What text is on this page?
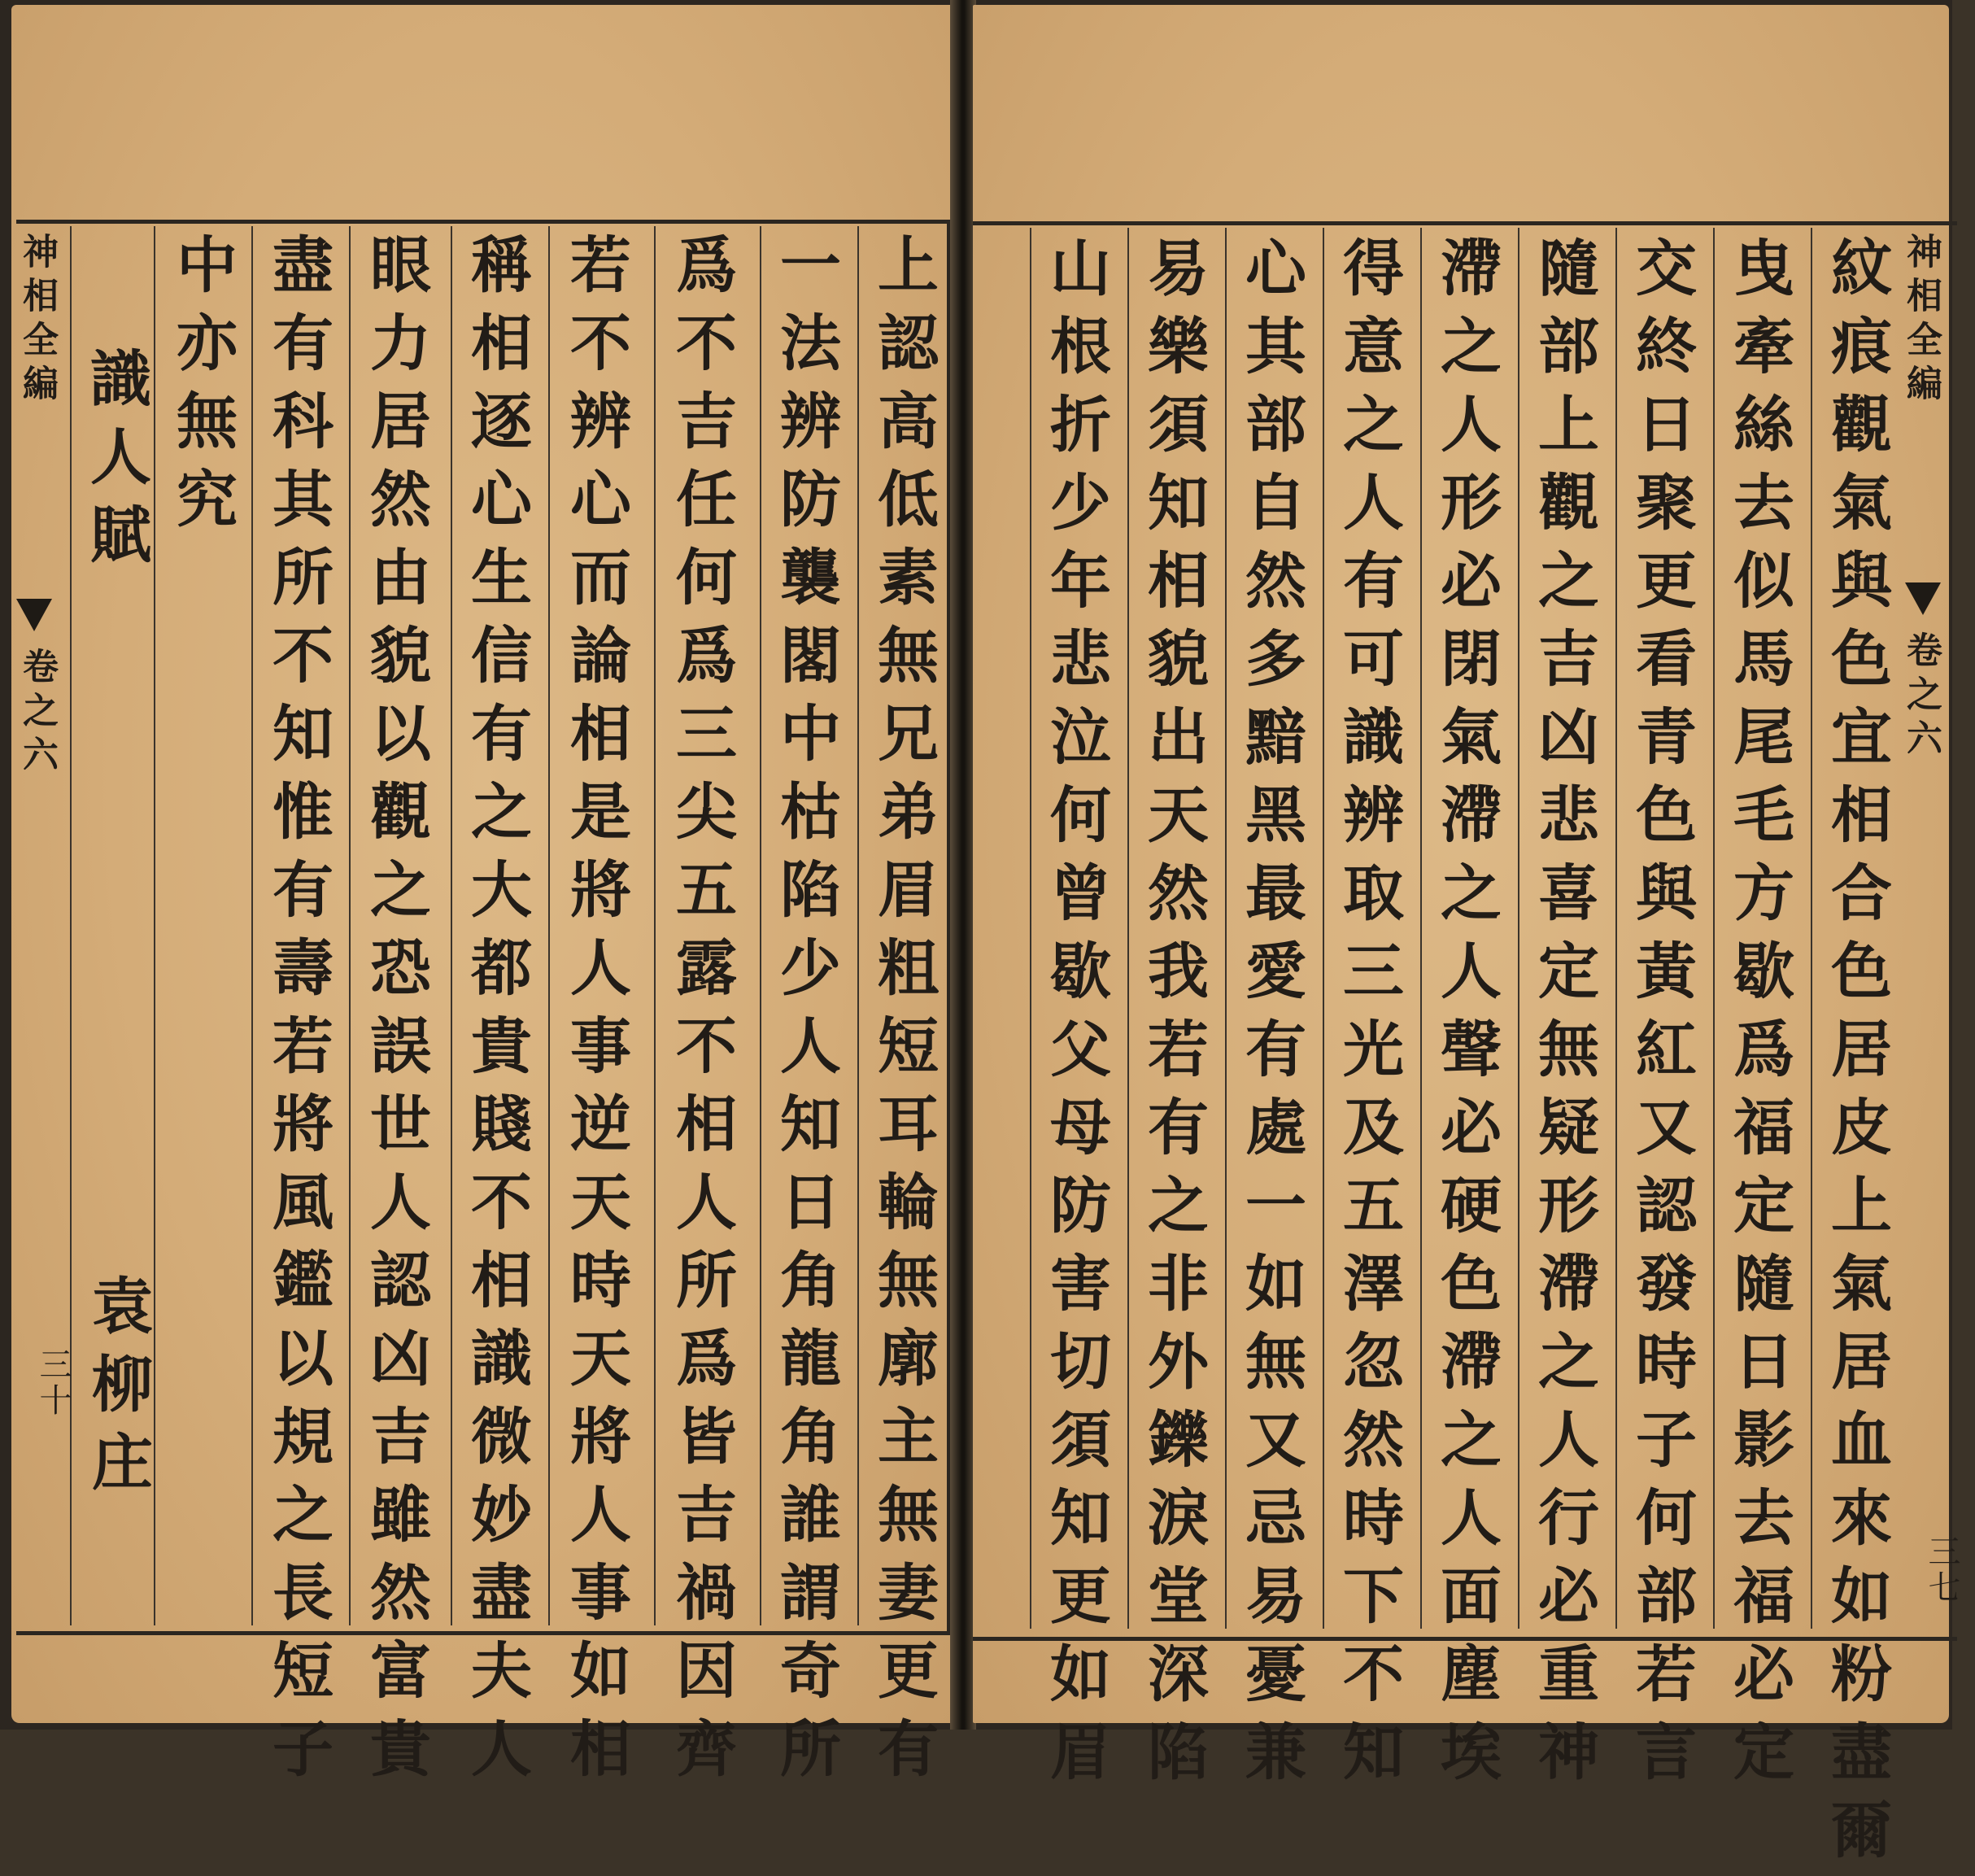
上認高低素無兄弟眉粗短耳輪無廓主無妻更有
一法辨防襲閣中枯陷少人知日角龍角誰謂奇所
爲不吉任何爲三尖五露不相人所爲皆吉禍因齊
若不辨心而論相是將人事逆天時天將人事如相
稱相逐心生信有之大都貴賤不相識微妙盡夫人
眼力居然由貌以觀之恐誤世人認凶吉雖然富貴
盡有科其所不知惟有壽若將風鑑以規之長短子
中亦無究
識人賦
袁柳庄
神相全編
卷之六
三十	紋痕觀氣與色宜相合色居皮上氣居血來如粉盡爾
曳牽絲去似馬尾毛方歇爲福定隨日影去福必定
交終日聚更看青色與黃紅又認發時子何部若言
隨部上觀之吉凶悲喜定無疑形滯之人行必重神
滯之人形必閉氣滯之人聲必硬色滯之人面塵埃
得意之人有可識辨取三光及五澤忽然時下不知
心其部自然多黯黑最愛有處一如無又忌易憂兼
易樂須知相貌出天然我若有之非外鑠淚堂深陷
山根折少年悲泣何曾歇父母防害切須知更如眉	神相全編
卷之六
三七
